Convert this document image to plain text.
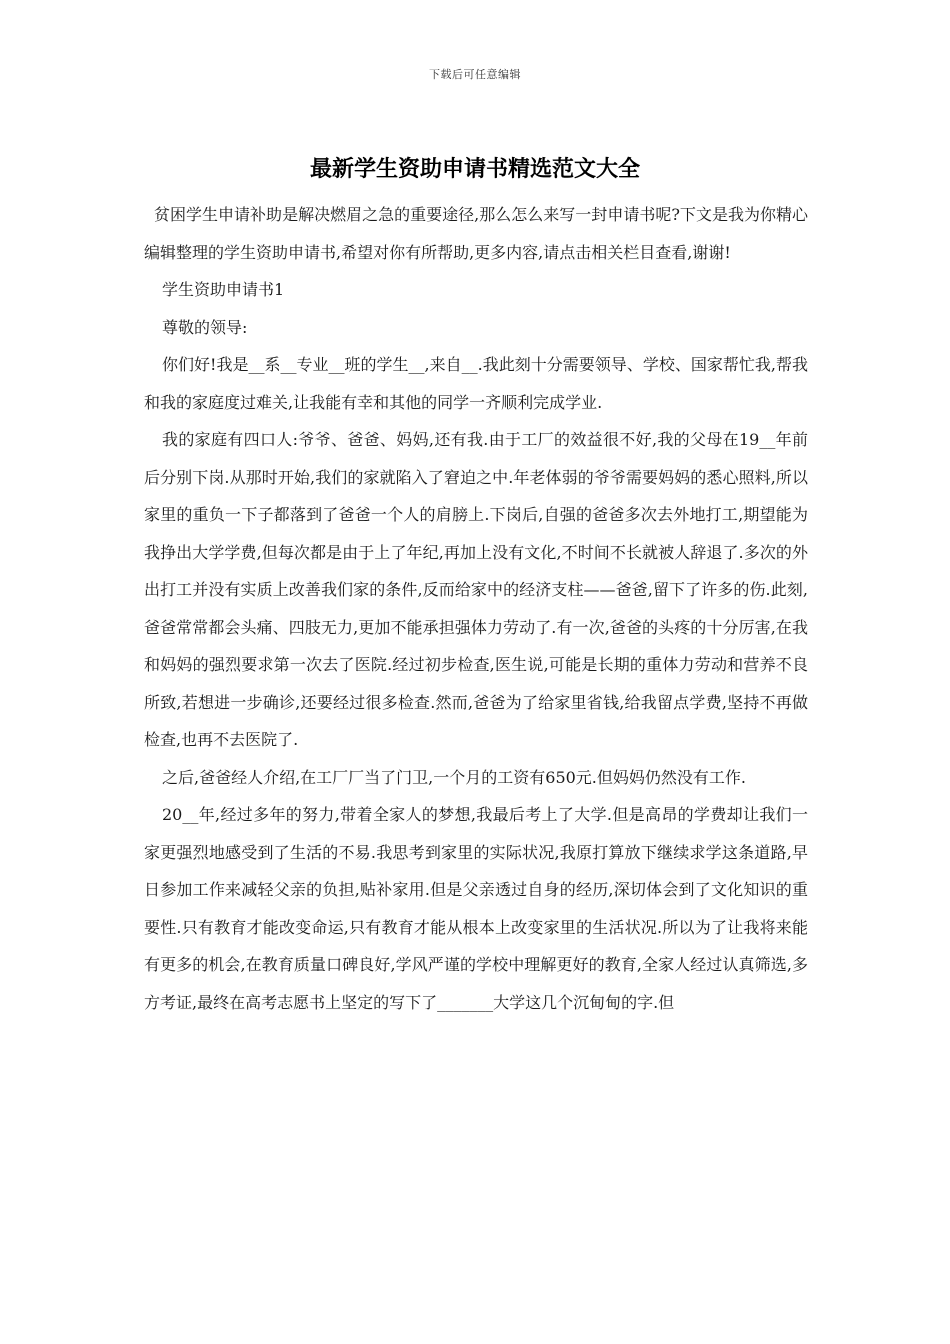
下载后可任意编辑
最新学生资助申请书精选范文大全

贫困学生申请补助是解决燃眉之急的重要途径,那么怎么来写一封申请书呢?下文是我为你精心编辑整理的学生资助申请书,希望对你有所帮助,更多内容,请点击相关栏目查看,谢谢!

学生资助申请书1

尊敬的领导:

你们好!我是__系__专业__班的学生__,来自__.我此刻十分需要领导、学校、国家帮忙我,帮我和我的家庭度过难关,让我能有幸和其他的同学一齐顺利完成学业.

我的家庭有四口人:爷爷、爸爸、妈妈,还有我.由于工厂的效益很不好,我的父母在19__年前后分别下岗.从那时开始,我们的家就陷入了窘迫之中.年老体弱的爷爷需要妈妈的悉心照料,所以家里的重负一下子都落到了爸爸一个人的肩膀上.下岗后,自强的爸爸多次去外地打工,期望能为我挣出大学学费,但每次都是由于上了年纪,再加上没有文化,不时间不长就被人辞退了.多次的外出打工并没有实质上改善我们家的条件,反而给家中的经济支柱——爸爸,留下了许多的伤.此刻,爸爸常常都会头痛、四肢无力,更加不能承担强体力劳动了.有一次,爸爸的头疼的十分厉害,在我和妈妈的强烈要求第一次去了医院.经过初步检查,医生说,可能是长期的重体力劳动和营养不良所致,若想进一步确诊,还要经过很多检查.然而,爸爸为了给家里省钱,给我留点学费,坚持不再做检查,也再不去医院了.

之后,爸爸经人介绍,在工厂厂当了门卫,一个月的工资有650元.但妈妈仍然没有工作.

20__年,经过多年的努力,带着全家人的梦想,我最后考上了大学.但是高昂的学费却让我们一家更强烈地感受到了生活的不易.我思考到家里的实际状况,我原打算放下继续求学这条道路,早日参加工作来减轻父亲的负担,贴补家用.但是父亲透过自身的经历,深切体会到了文化知识的重要性.只有教育才能改变命运,只有教育才能从根本上改变家里的生活状况.所以为了让我将来能有更多的机会,在教育质量口碑良好,学风严谨的学校中理解更好的教育,全家人经过认真筛选,多方考证,最终在高考志愿书上坚定的写下了_______大学这几个沉甸甸的字.但
